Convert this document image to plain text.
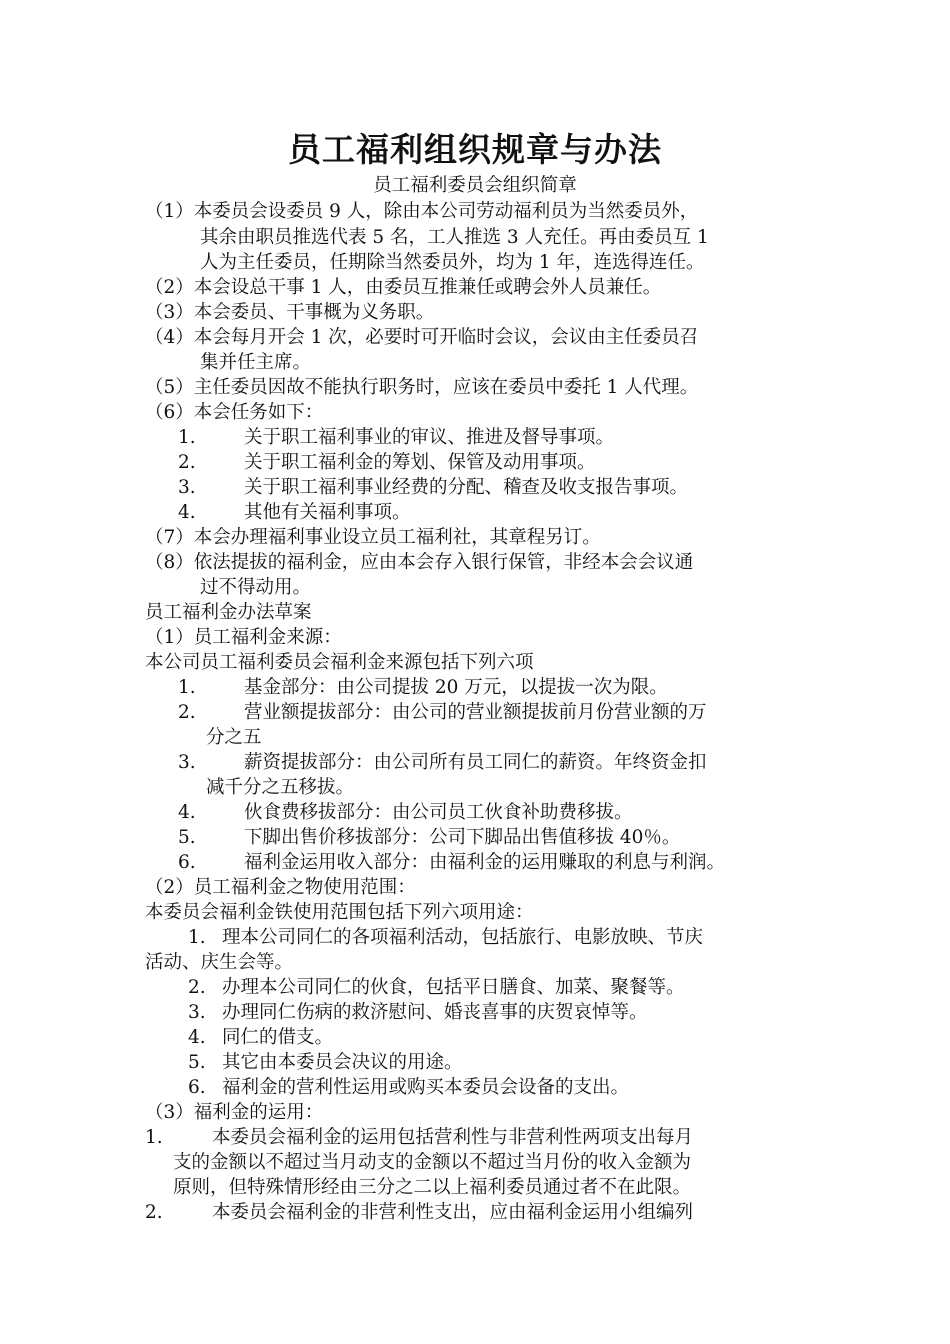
员工福利组织规章与办法
员工福利委员会组织简章
（1）本委员会设委员 9 人，除由本公司劳动福利员为当然委员外，
其余由职员推选代表 5 名，工人推选 3 人充任。再由委员互 1
人为主任委员，任期除当然委员外，均为 1 年，连选得连任。
（2）本会设总干事 1 人，由委员互推兼任或聘会外人员兼任。
（3）本会委员、干事概为义务职。
（4）本会每月开会 1 次，必要时可开临时会议，会议由主任委员召
集并任主席。
（5）主任委员因故不能执行职务时，应该在委员中委托 1 人代理。
（6）本会任务如下：
1.	关于职工福利事业的审议、推进及督导事项。
2.	关于职工福利金的筹划、保管及动用事项。
3.	关于职工福利事业经费的分配、稽查及收支报告事项。
4.	其他有关福利事项。
（7）本会办理福利事业设立员工福利社，其章程另订。
（8）依法提拔的福利金，应由本会存入银行保管，非经本会会议通
过不得动用。
员工福利金办法草案
（1）员工福利金来源：
本公司员工福利委员会福利金来源包括下列六项
1.	基金部分：由公司提拔 20 万元，以提拔一次为限。
2.	营业额提拔部分：由公司的营业额提拔前月份营业额的万
分之五
3.	薪资提拔部分：由公司所有员工同仁的薪资。年终资金扣
减千分之五移拔。
4.	伙食费移拔部分：由公司员工伙食补助费移拔。
5.	下脚出售价移拔部分：公司下脚品出售值移拔 40％。
6.	福利金运用收入部分：由福利金的运用赚取的利息与利润。
（2）员工福利金之物使用范围：
本委员会福利金铁使用范围包括下列六项用途：
1. 理本公司同仁的各项福利活动，包括旅行、电影放映、节庆
活动、庆生会等。
2. 办理本公司同仁的伙食，包括平日膳食、加菜、聚餐等。
3. 办理同仁伤病的救济慰问、婚丧喜事的庆贺哀悼等。
4. 同仁的借支。
5. 其它由本委员会决议的用途。
6. 福利金的营利性运用或购买本委员会设备的支出。
（3）福利金的运用：
1.	本委员会福利金的运用包括营利性与非营利性两项支出每月
支的金额以不超过当月动支的金额以不超过当月份的收入金额为
原则，但特殊情形经由三分之二以上福利委员通过者不在此限。
2.	本委员会福利金的非营利性支出，应由福利金运用小组编列
